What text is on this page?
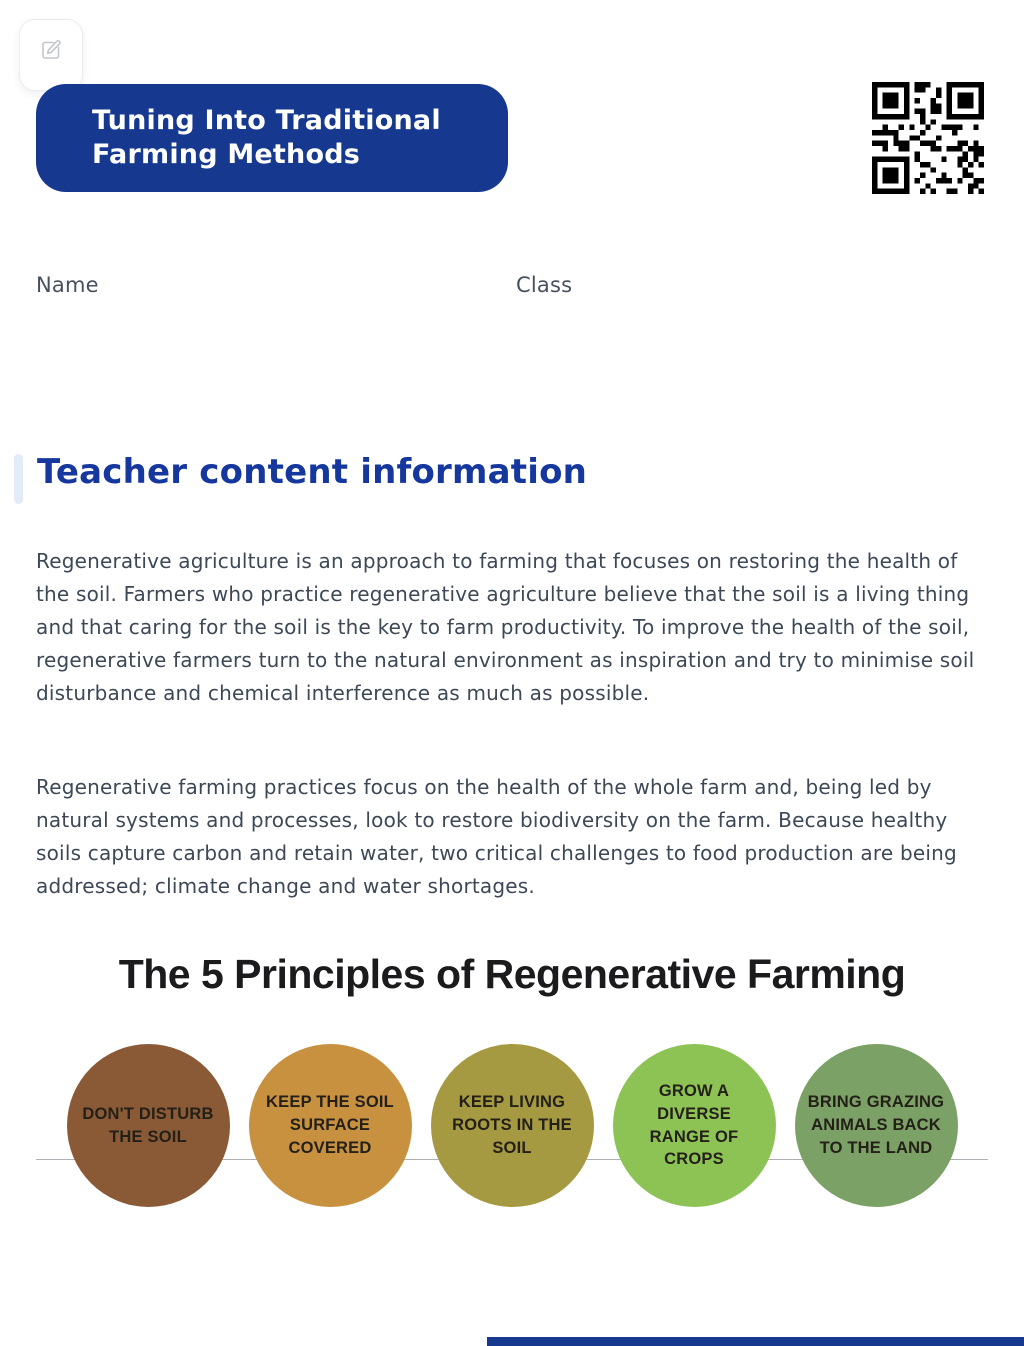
Tuning Into Traditional Farming Methods
Name	Class
Teacher content information

Regenerative agriculture is an approach to farming that focuses on restoring the health of the soil. Farmers who practice regenerative agriculture believe that the soil is a living thing and that caring for the soil is the key to farm productivity. To improve the health of the soil, regenerative farmers turn to the natural environment as inspiration and try to minimise soil disturbance and chemical interference as much as possible.

Regenerative farming practices focus on the health of the whole farm and, being led by natural systems and processes, look to restore biodiversity on the farm. Because healthy soils capture carbon and retain water, two critical challenges to food production are being addressed; climate change and water shortages.

The 5 Principles of Regenerative Farming
DON'T DISTURB THE SOIL
KEEP THE SOIL SURFACE COVERED
KEEP LIVING ROOTS IN THE SOIL
GROW A DIVERSE RANGE OF CROPS
BRING GRAZING ANIMALS BACK TO THE LAND
